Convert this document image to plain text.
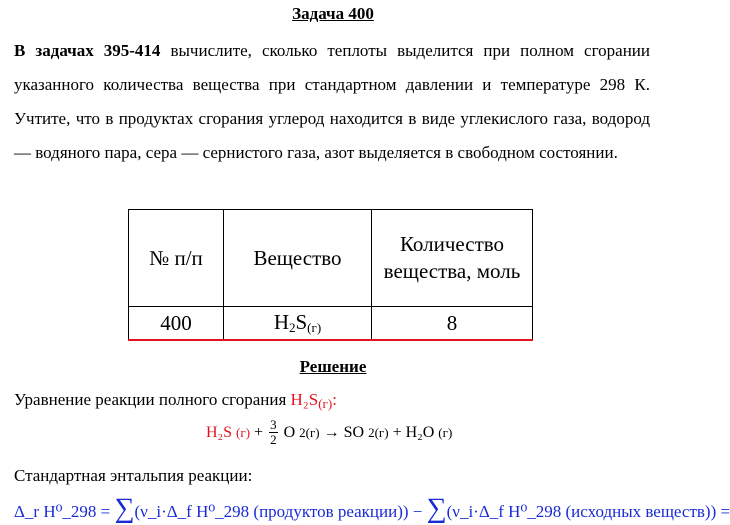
Задача 400
В задачах 395-414 вычислите, сколько теплоты выделится при полном сгорании указанного количества вещества при стандартном давлении и температуре 298 К. Учтите, что в продуктах сгорания углерод находится в виде углекислого газа, водород — водяного пара, сера — сернистого газа, азот выделяется в свободном состоянии.
№ п/п	Вещество	Количество вещества, моль
400	$H_2S_{(г)}$	8
Решение
Уравнение реакции полного сгорания $H_2S_{(г)}$:
H₂S $(г) + \frac{3}{2}$ O 2(г) → SO 2(г) + H₂O (г)
Стандартная энтальпия реакции:
Δ_r H⁰_298 = ∑(ν_i·Δ_f H⁰_298 (продуктов реакции)) − ∑(ν_i·Δ_f H⁰_298 (исходных веществ)) =
